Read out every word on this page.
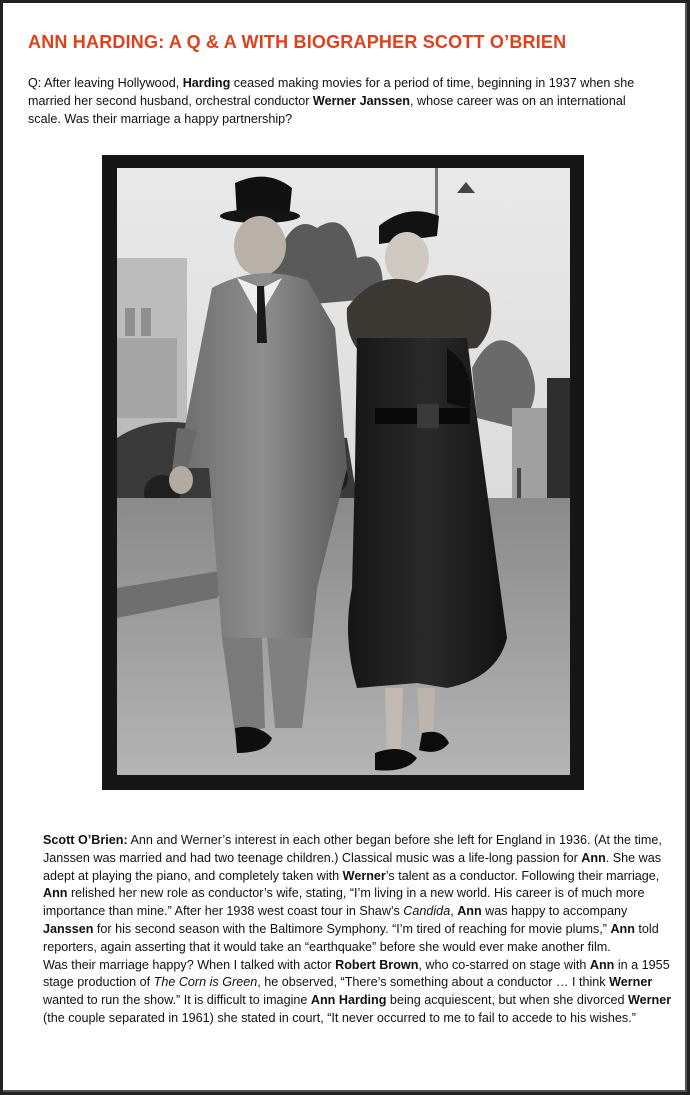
ANN HARDING: A Q & A WITH BIOGRAPHER SCOTT O’BRIEN
Q: After leaving Hollywood, Harding ceased making movies for a period of time, beginning in 1937 when she married her second husband, orchestral conductor Werner Janssen, whose career was on an international scale. Was their marriage a happy partnership?

Scott O’Brien: Ann and Werner’s interest in each other began before she left for England in 1936. (At the time, Janssen was married and had two teenage children.) Classical music was a life-long passion for Ann. She was adept at playing the piano, and completely taken with Werner’s talent as a conductor. Following their marriage, Ann relished her new role as conductor’s wife, stating, “I’m living in a new world. His career is of much more importance than mine.” After her 1938 west coast tour in Shaw’s Candida, Ann was happy to accompany Janssen for his second season with the Baltimore Symphony. “I’m tired of reaching for movie plums,” Ann told reporters, again asserting that it would take an “earthquake” before she would ever make another film.

Was their marriage happy? When I talked with actor Robert Brown, who co-starred on stage with Ann in a 1955 stage production of The Corn is Green, he observed, “There’s something about a conductor … I think Werner wanted to run the show.” It is difficult to imagine Ann Harding being acquiescent, but when she divorced Werner (the couple separated in 1961) she stated in court, “It never occurred to me to fail to accede to his wishes.”
